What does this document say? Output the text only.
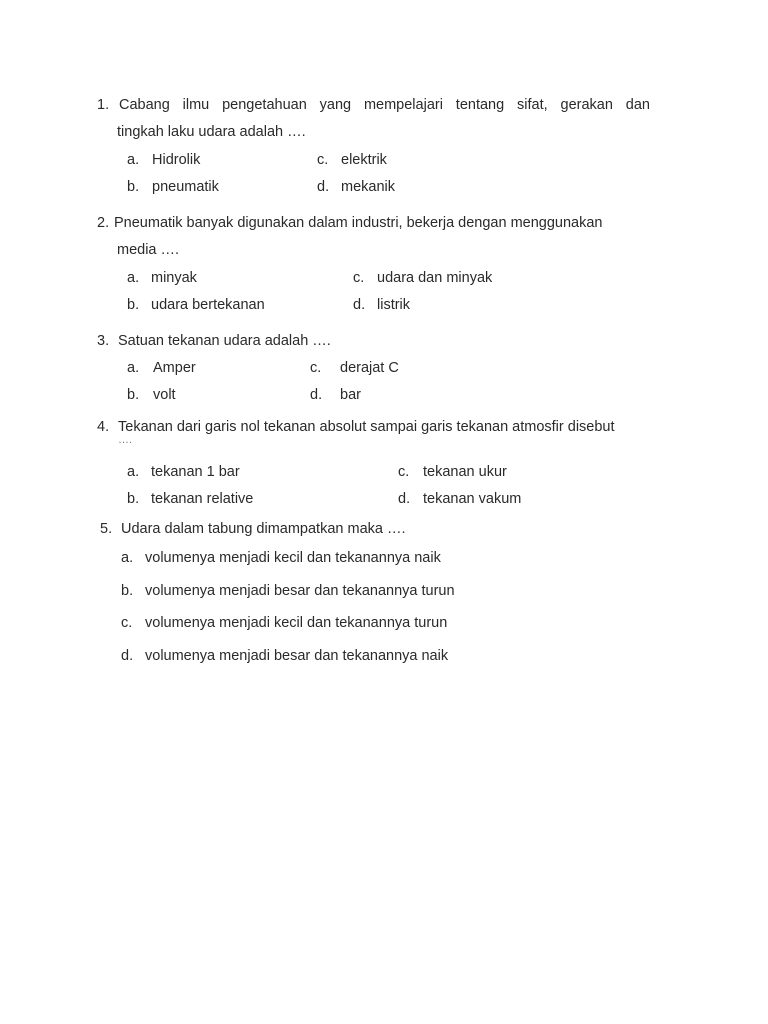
1. Cabang ilmu pengetahuan yang mempelajari tentang sifat, gerakan dan
tingkah laku udara adalah ….
a. Hidrolik	c. elektrik
b. pneumatik	d. mekanik
2. Pneumatik banyak digunakan dalam industri, bekerja dengan menggunakan
media ….
a. minyak	c. udara dan minyak
b. udara bertekanan	d. listrik
3. Satuan tekanan udara adalah ….
a. Amper	c. derajat C
b. volt	d. bar
4. Tekanan dari garis nol tekanan absolut sampai garis tekanan atmosfir disebut
….
a. tekanan 1 bar	c. tekanan ukur
b. tekanan relative	d. tekanan vakum
5. Udara dalam tabung dimampatkan maka ….
a. volumenya menjadi kecil dan tekanannya naik
b. volumenya menjadi besar dan tekanannya turun
c. volumenya menjadi kecil dan tekanannya turun
d. volumenya menjadi besar dan tekanannya naik
